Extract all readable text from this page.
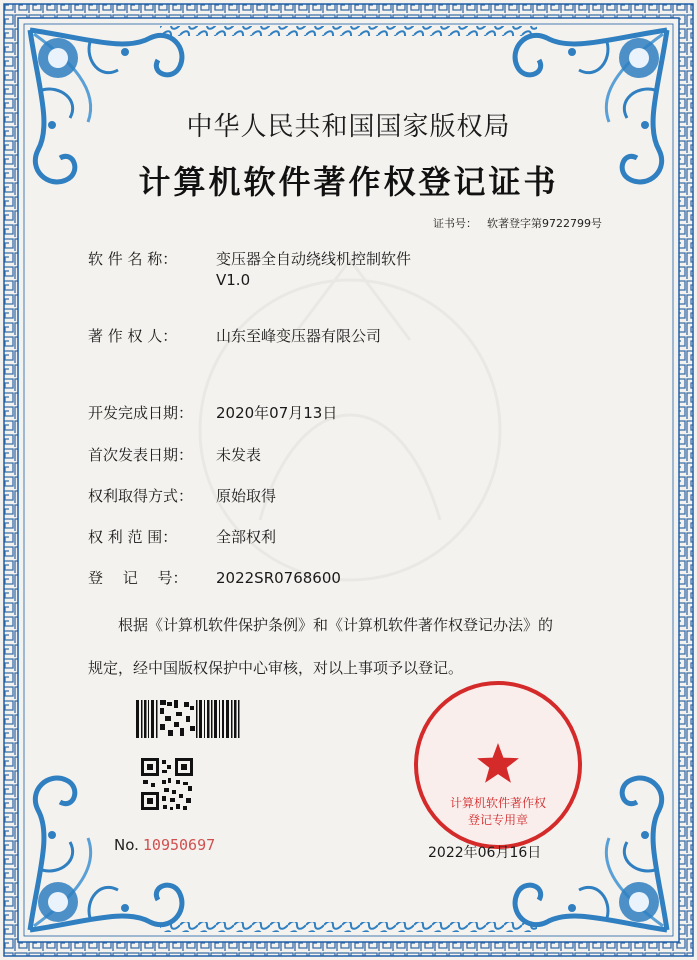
中华人民共和国国家版权局
计算机软件著作权登记证书
证书号： 软著登字第9722799号
软 件 名 称：	变压器全自动绕线机控制软件
V1.0
著 作 权 人：	山东至峰变压器有限公司
开发完成日期： 2020年07月13日
首次发表日期： 未发表
权利取得方式： 原始取得
权 利 范 围：	全部权利
登　 记　 号： 2022SR0768600

根据《计算机软件保护条例》和《计算机软件著作权登记办法》的

规定，经中国版权保护中心审核，对以上事项予以登记。

No. 10950697
计算机软件著作权
登记专用章
2022年06月16日
